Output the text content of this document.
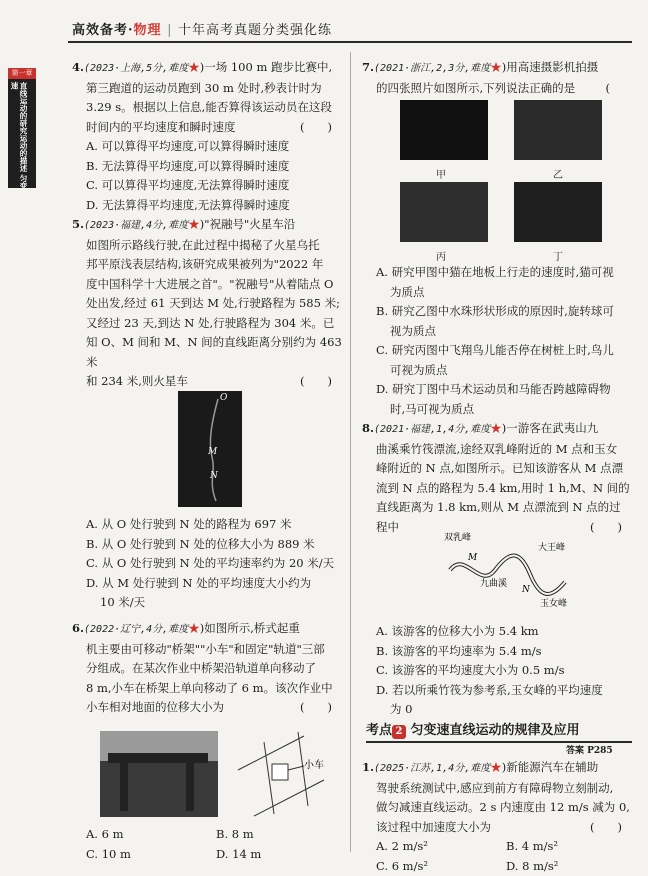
高效备考·物理 | 十年高考真题分类强化练
第一章
直线运动的研究运动的描述 匀变速

4.(2023·上海,5分,难度★)一场 100 m 跑步比赛中,

第三跑道的运动员跑到 30 m 处时,秒表计时为

3.29 s。根据以上信息,能否算得该运动员在这段

时间内的平均速度和瞬时速度	(　　)

A. 可以算得平均速度,可以算得瞬时速度

B. 无法算得平均速度,可以算得瞬时速度

C. 可以算得平均速度,无法算得瞬时速度

D. 无法算得平均速度,无法算得瞬时速度

5.(2023·福建,4分,难度★)"祝融号"火星车沿

如图所示路线行驶,在此过程中揭秘了火星乌托

邦平原浅表层结构,该研究成果被列为"2022 年

度中国科学十大进展之首"。"祝融号"从着陆点 O

处出发,经过 61 天到达 M 处,行驶路程为 585 米;

又经过 23 天,到达 N 处,行驶路程为 304 米。已

知 O、M 间和 M、N 间的直线距离分别约为 463 米

和 234 米,则火星车	(　　)

O
M
N

A. 从 O 处行驶到 N 处的路程为 697 米

B. 从 O 处行驶到 N 处的位移大小为 889 米

C. 从 O 处行驶到 N 处的平均速率约为 20 米/天

D. 从 M 处行驶到 N 处的平均速度大小约为

10 米/天

6.(2022·辽宁,4分,难度★)如图所示,桥式起重

机主要由可移动"桥架""小车"和固定"轨道"三部

分组成。在某次作业中桥架沿轨道单向移动了

8 m,小车在桥架上单向移动了 6 m。该次作业中

小车相对地面的位移大小为	(　　)

小车

A. 6 m	B. 8 m

C. 10 m	D. 14 m

7.(2021·浙江,2,3分,难度★)用高速摄影机拍摄

的四张照片如图所示,下列说法正确的是	(

甲	乙
丙	丁

A. 研究甲图中猫在地板上行走的速度时,猫可视

为质点

B. 研究乙图中水珠形状形成的原因时,旋转球可

视为质点

C. 研究丙图中飞翔鸟儿能否停在树桩上时,鸟儿

可视为质点

D. 研究丁图中马术运动员和马能否跨越障碍物

时,马可视为质点

8.(2021·福建,1,4分,难度★)一游客在武夷山九

曲溪乘竹筏漂流,途经双乳峰附近的 M 点和玉女

峰附近的 N 点,如图所示。已知该游客从 M 点漂

流到 N 点的路程为 5.4 km,用时 1 h,M、N 间的

直线距离为 1.8 km,则从 M 点漂流到 N 点的过

程中	(　　)

双乳峰
大王峰
九曲溪
玉女峰
M
N

A. 该游客的位移大小为 5.4 km

B. 该游客的平均速率为 5.4 m/s

C. 该游客的平均速度大小为 0.5 m/s

D. 若以所乘竹筏为参考系,玉女峰的平均速度

为 0

考点 2 匀变速直线运动的规律及应用
答案 P285

1.(2025·江苏,1,4分,难度★)新能源汽车在辅助

驾驶系统测试中,感应到前方有障碍物立刻制动,

做匀减速直线运动。2 s 内速度由 12 m/s 减为 0,

该过程中加速度大小为	(　　)

A. 2 m/s²	B. 4 m/s²

C. 6 m/s²	D. 8 m/s²
